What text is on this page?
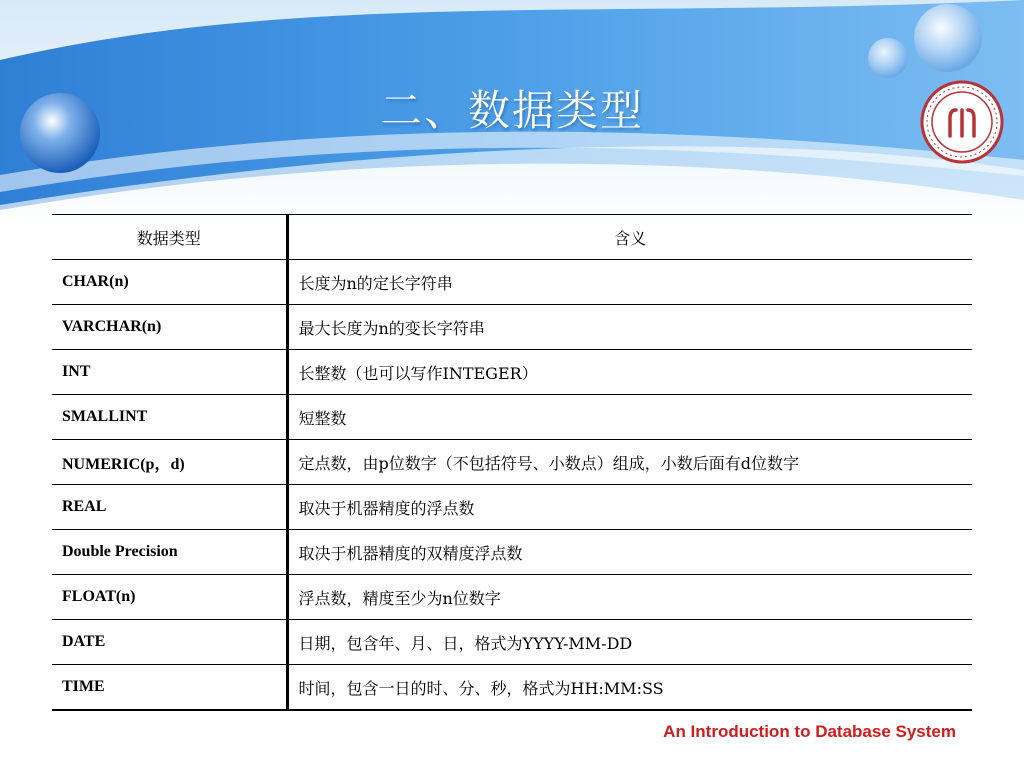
二、数据类型
数据类型	含义
CHAR(n)	长度为n的定长字符串
VARCHAR(n)	最大长度为n的变长字符串
INT	长整数（也可以写作INTEGER）
SMALLINT	短整数
NUMERIC(p，d)	定点数，由p位数字（不包括符号、小数点）组成，小数后面有d位数字
REAL	取决于机器精度的浮点数
Double Precision	取决于机器精度的双精度浮点数
FLOAT(n)	浮点数，精度至少为n位数字
DATE	日期，包含年、月、日，格式为YYYY-MM-DD
TIME	时间，包含一日的时、分、秒，格式为HH:MM:SS
An Introduction to Database System
